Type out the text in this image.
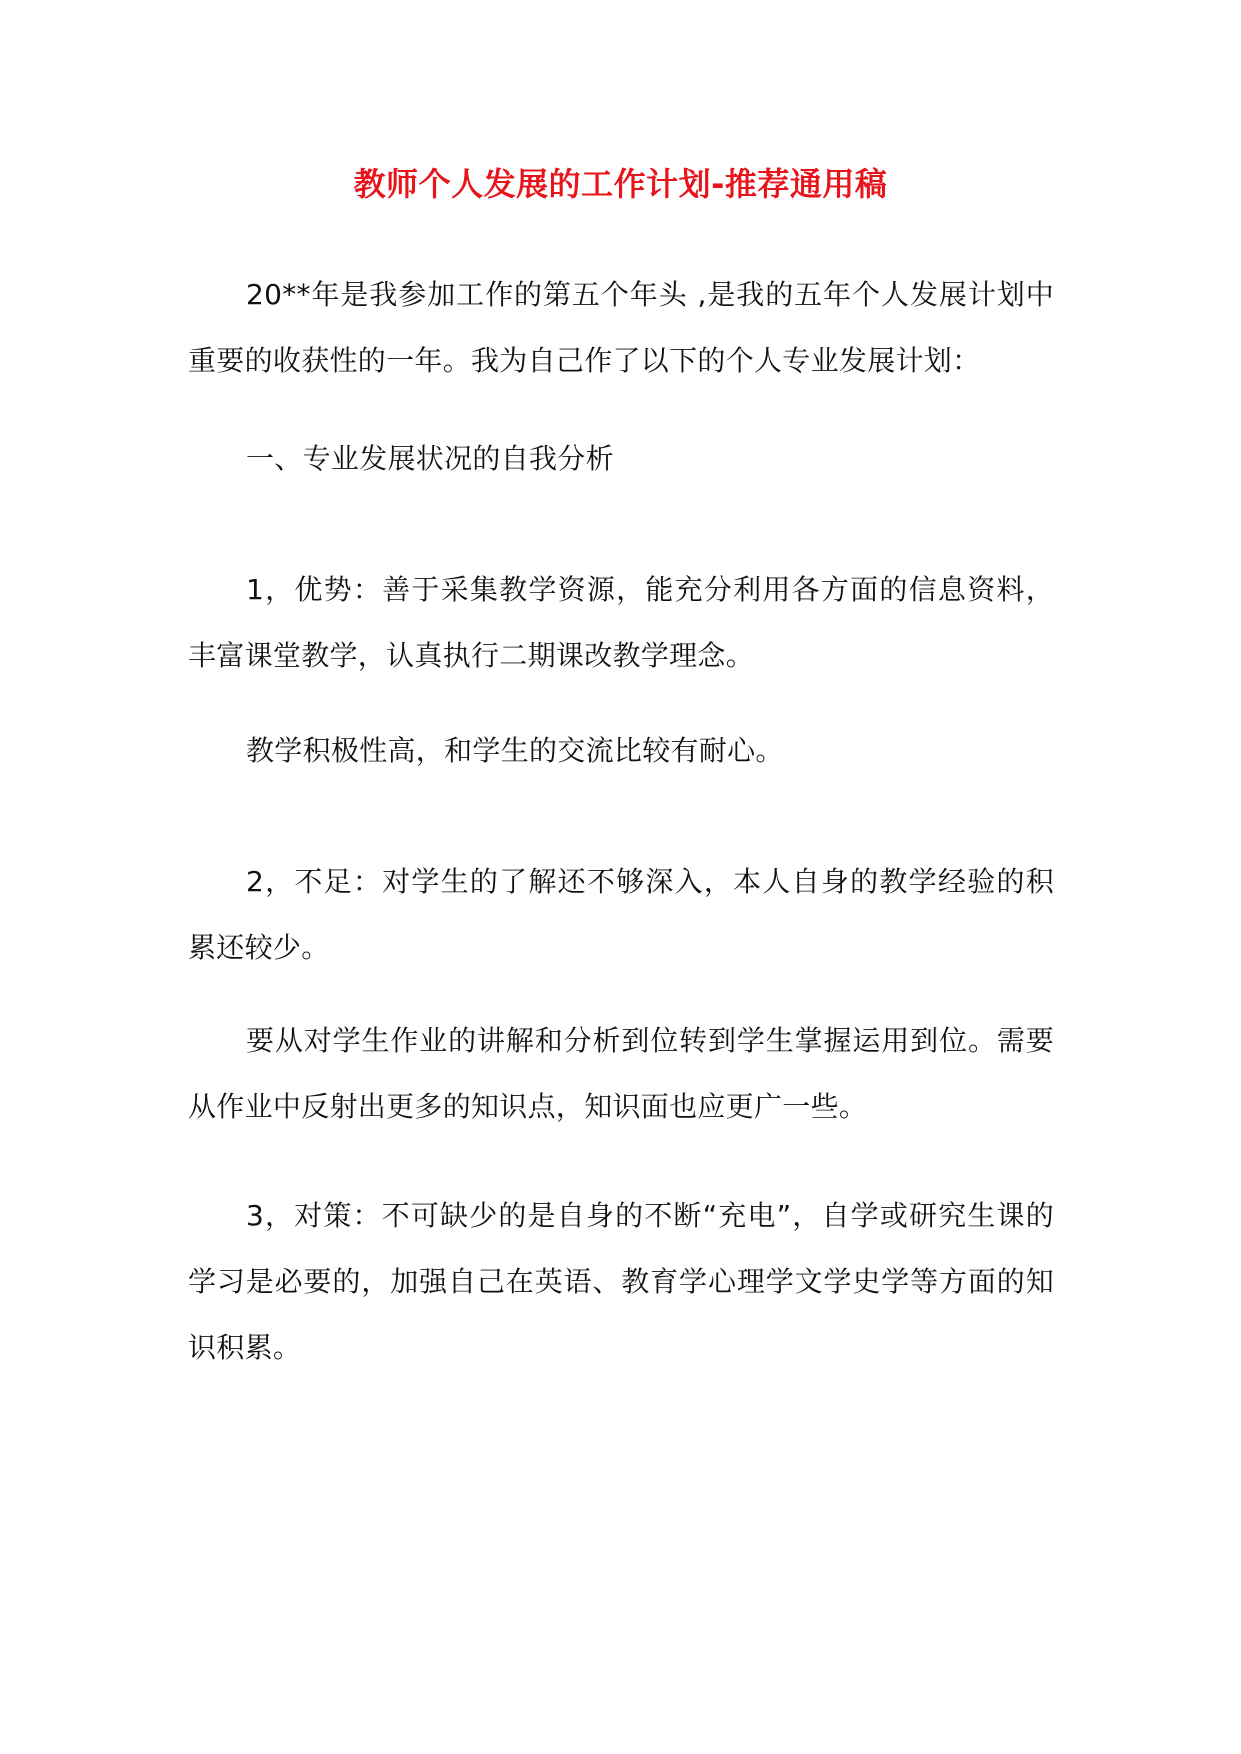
教师个人发展的工作计划-推荐通用稿

20**年是我参加工作的第五个年头 ,是我的五年个人发展计划中重要的收获性的一年。我为自己作了以下的个人专业发展计划：

一、专业发展状况的自我分析

1，优势：善于采集教学资源，能充分利用各方面的信息资料，丰富课堂教学，认真执行二期课改教学理念。

教学积极性高，和学生的交流比较有耐心。

2，不足：对学生的了解还不够深入，本人自身的教学经验的积累还较少。

要从对学生作业的讲解和分析到位转到学生掌握运用到位。需要从作业中反射出更多的知识点，知识面也应更广一些。

3，对策：不可缺少的是自身的不断“充电”，自学或研究生课的学习是必要的，加强自己在英语、教育学心理学文学史学等方面的知识积累。
